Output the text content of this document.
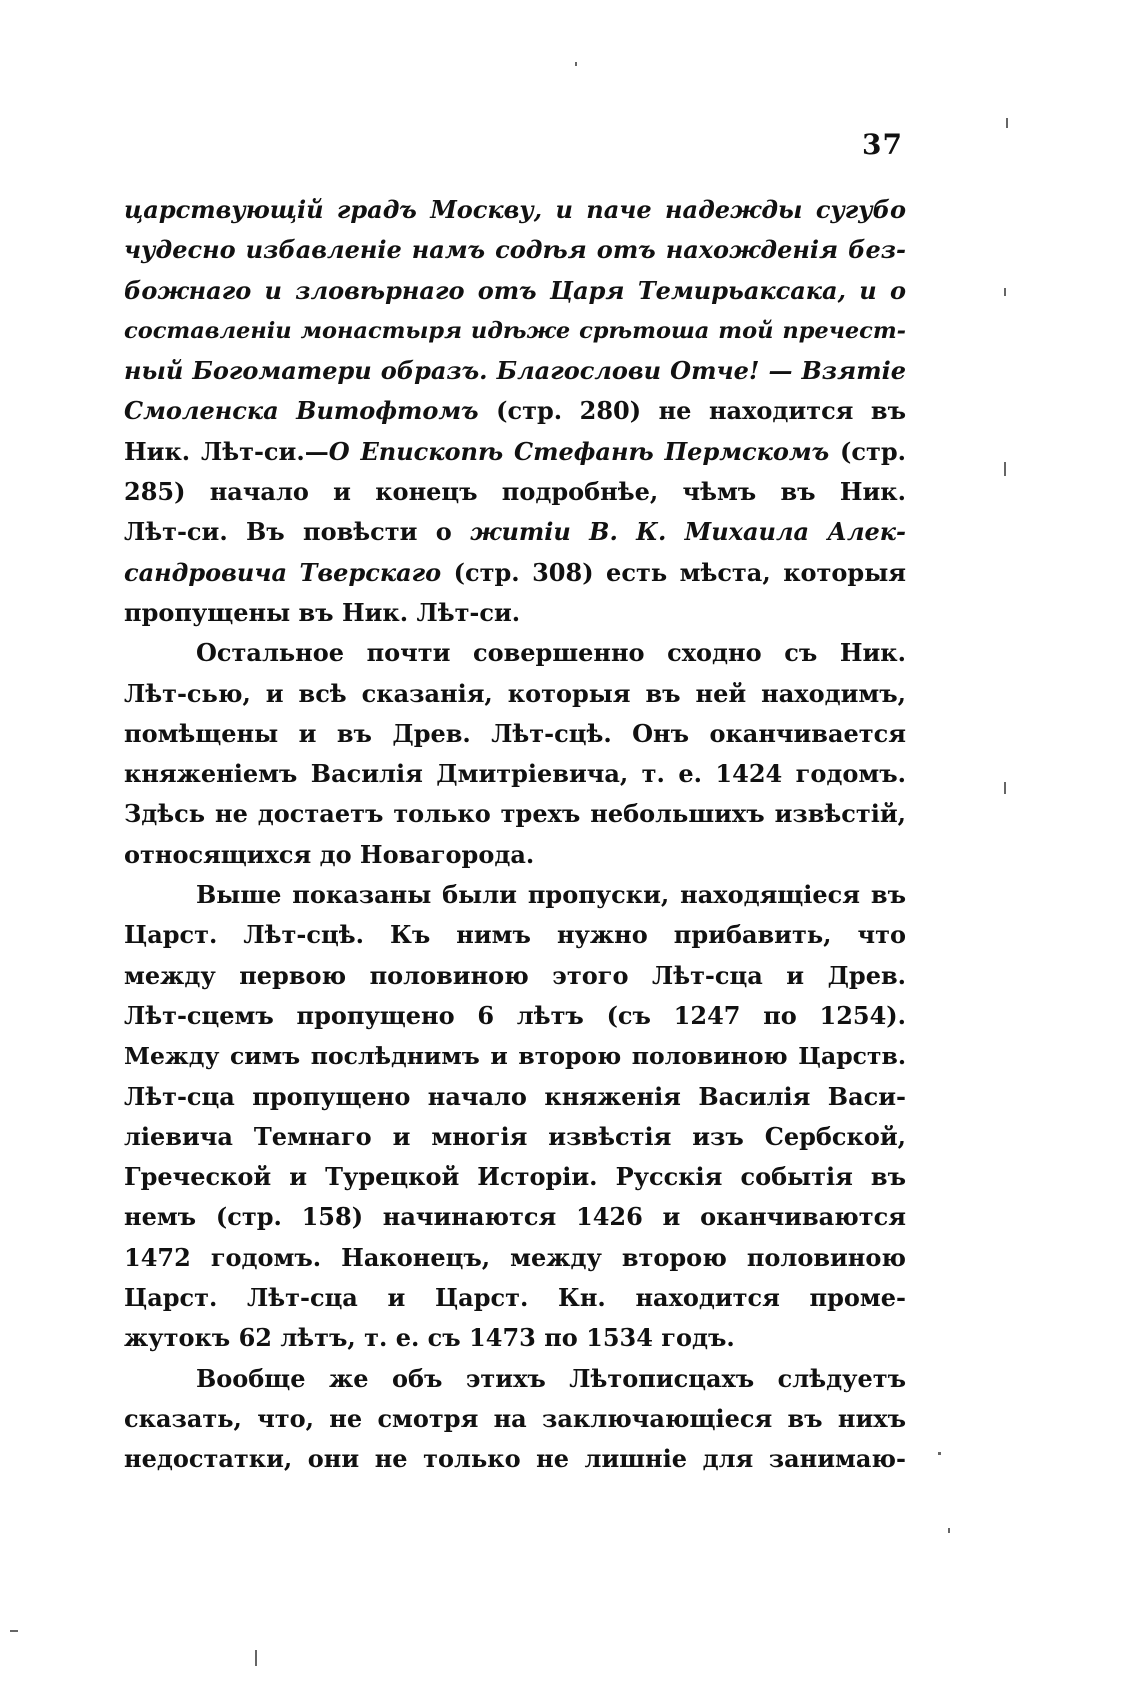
37
царствующій градъ Москву, и паче надежды сугубо
чудесно избавленіе намъ содѣя отъ нахожденія без-
божнаго и зловѣрнаго отъ Царя Темирьаксака, и о
составленіи монастыря идѣже срѣтоша той пречест-
ный Богоматери образъ. Благослови Отче! — Взятіе
Смоленска Витофтомъ (стр. 280) не находится въ
Ник. Лѣт-си.—О Епископѣ Стефанѣ Пермскомъ (стр.
285) начало и конецъ подробнѣе, чѣмъ въ Ник.
Лѣт-си. Въ повѣсти о житіи В. К. Михаила Алек-
сандровича Тверскаго (стр. 308) есть мѣста, которыя
пропущены въ Ник. Лѣт-си.
Остальное почти совершенно сходно съ Ник.
Лѣт-сью, и всѣ сказанія, которыя въ ней находимъ,
помѣщены и въ Древ. Лѣт-сцѣ. Онъ оканчивается
княженіемъ Василія Дмитріевича, т. е. 1424 годомъ.
Здѣсь не достаетъ только трехъ небольшихъ извѣстій,
относящихся до Новагорода.
Выше показаны были пропуски, находящіеся въ
Царст. Лѣт-сцѣ. Къ нимъ нужно прибавить, что
между первою половиною этого Лѣт-сца и Древ.
Лѣт-сцемъ пропущено 6 лѣтъ (съ 1247 по 1254).
Между симъ послѣднимъ и второю половиною Царств.
Лѣт-сца пропущено начало княженія Василія Васи-
ліевича Темнаго и многія извѣстія изъ Сербской,
Греческой и Турецкой Исторіи. Русскія событія въ
немъ (стр. 158) начинаются 1426 и оканчиваются
1472 годомъ. Наконецъ, между второю половиною
Царст. Лѣт-сца и Царст. Кн. находится проме-
жутокъ 62 лѣтъ, т. е. съ 1473 по 1534 годъ.
Вообще же объ этихъ Лѣтописцахъ слѣдуетъ
сказать, что, не смотря на заключающіеся въ нихъ
недостатки, они не только не лишніе для занимаю-
